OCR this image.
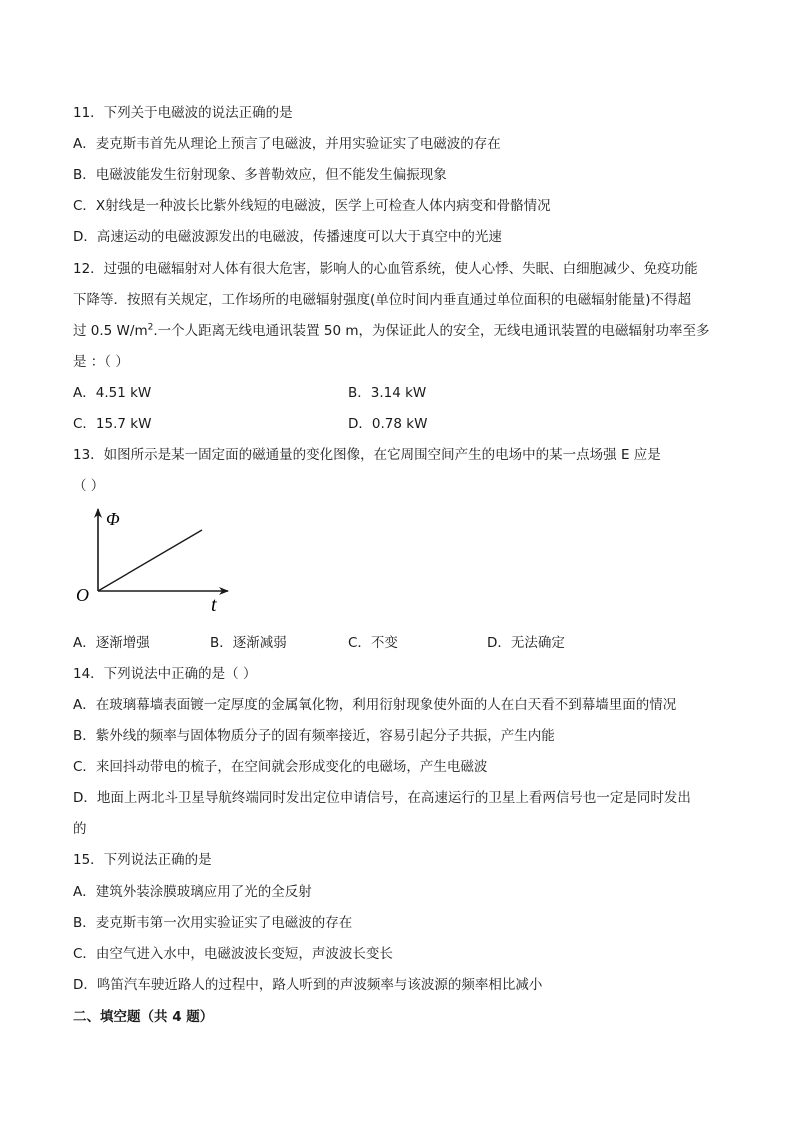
11．下列关于电磁波的说法正确的是
A．麦克斯韦首先从理论上预言了电磁波，并用实验证实了电磁波的存在
B．电磁波能发生衍射现象、多普勒效应，但不能发生偏振现象
C．X射线是一种波长比紫外线短的电磁波，医学上可检查人体内病变和骨骼情况
D．高速运动的电磁波源发出的电磁波，传播速度可以大于真空中的光速
12．过强的电磁辐射对人体有很大危害，影响人的心血管系统，使人心悸、失眠、白细胞减少、免疫功能
下降等．按照有关规定，工作场所的电磁辐射强度(单位时间内垂直通过单位面积的电磁辐射能量)不得超
过 0.5 $W/m^2$.一个人距离无线电通讯装置 50 m，为保证此人的安全，无线电通讯装置的电磁辐射功率至多
是 ：（ ）
A．4.51 kW	B．3.14 kW
C．15.7 kW	D．0.78 kW
13．如图所示是某一固定面的磁通量的变化图像，在它周围空间产生的电场中的某一点场强 E 应是
（ ）
Φ
t
O
A．逐渐增强	B．逐渐减弱	C．不变	D．无法确定
14．下列说法中正确的是（ ）
A．在玻璃幕墙表面镀一定厚度的金属氧化物，利用衍射现象使外面的人在白天看不到幕墙里面的情况
B．紫外线的频率与固体物质分子的固有频率接近，容易引起分子共振，产生内能
C．来回抖动带电的梳子，在空间就会形成变化的电磁场，产生电磁波
D．地面上两北斗卫星导航终端同时发出定位申请信号，在高速运行的卫星上看两信号也一定是同时发出
的
15．下列说法正确的是
A．建筑外装涂膜玻璃应用了光的全反射
B．麦克斯韦第一次用实验证实了电磁波的存在
C．由空气进入水中，电磁波波长变短，声波波长变长
D．鸣笛汽车驶近路人的过程中，路人听到的声波频率与该波源的频率相比减小
二、填空题（共 4 题）
